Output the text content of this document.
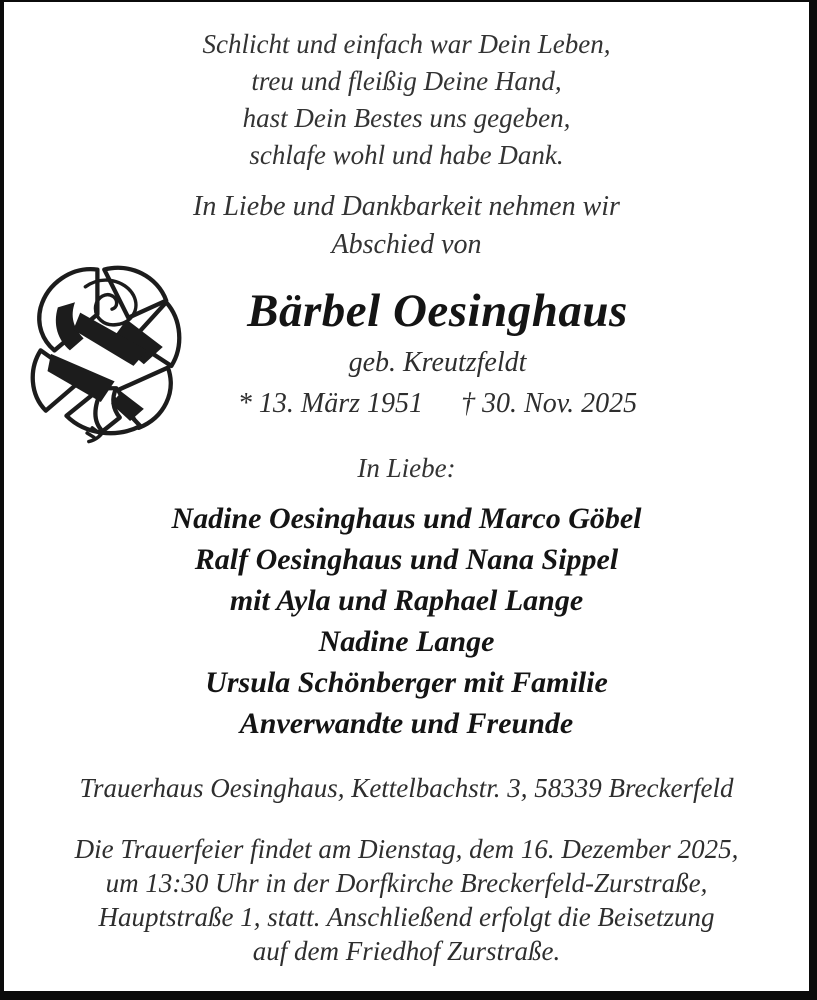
Schlicht und einfach war Dein Leben,
treu und fleißig Deine Hand,
hast Dein Bestes uns gegeben,
schlafe wohl und habe Dank.
In Liebe und Dankbarkeit nehmen wir
Abschied von
Bärbel Oesinghaus
geb. Kreutzfeldt
* 13. März 1951 † 30. Nov. 2025
In Liebe:
Nadine Oesinghaus und Marco Göbel
Ralf Oesinghaus und Nana Sippel
mit Ayla und Raphael Lange
Nadine Lange
Ursula Schönberger mit Familie
Anverwandte und Freunde
Trauerhaus Oesinghaus, Kettelbachstr. 3, 58339 Breckerfeld
Die Trauerfeier findet am Dienstag, dem 16. Dezember 2025,
um 13:30 Uhr in der Dorfkirche Breckerfeld-Zurstraße,
Hauptstraße 1, statt. Anschließend erfolgt die Beisetzung
auf dem Friedhof Zurstraße.
